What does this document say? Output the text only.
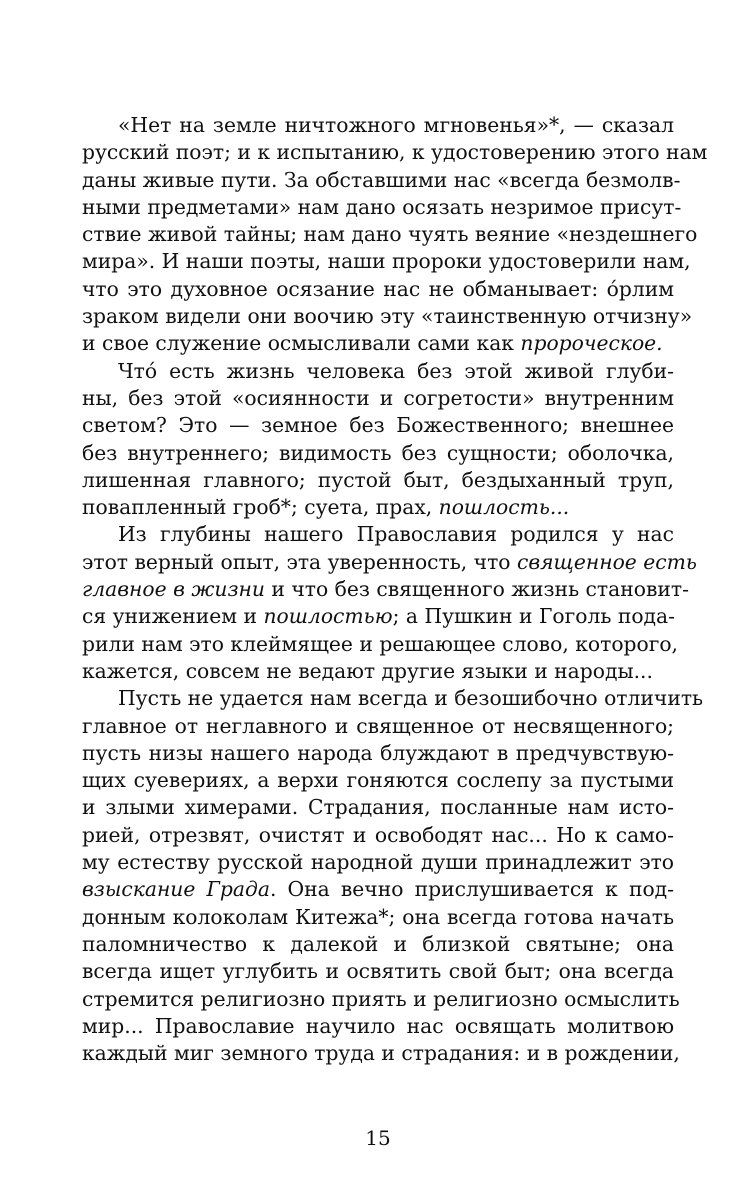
«Нет на земле ничтожного мгновенья»*, — сказал
русский поэт; и к испытанию, к удостоверению этого нам
даны живые пути. За обставшими нас «всегда безмолв-
ными предметами» нам дано осязать незримое присут-
ствие живой тайны; нам дано чуять веяние «нездешнего
мира». И наши поэты, наши пророки удостоверили нам,
что это духовное осязание нас не обманывает: о́рлим
зраком видели они воочию эту «таинственную отчизну»
и свое служение осмысливали сами как пророческое.
Что́ есть жизнь человека без этой живой глуби-
ны, без этой «осиянности и согретости» внутренним
светом? Это — земное без Божественного; внешнее
без внутреннего; видимость без сущности; оболочка,
лишенная главного; пустой быт, бездыханный труп,
повапленный гроб*; суета, прах, пошлость...
Из глубины нашего Православия родился у нас
этот верный опыт, эта уверенность, что священное есть
главное в жизни и что без священного жизнь становит-
ся унижением и пошлостью; а Пушкин и Гоголь пода-
рили нам это клеймящее и решающее слово, которого,
кажется, совсем не ведают другие языки и народы...
Пусть не удается нам всегда и безошибочно отличить
главное от неглавного и священное от несвященного;
пусть низы нашего народа блуждают в предчувствую-
щих суевериях, а верхи гоняются сослепу за пустыми
и злыми химерами. Страдания, посланные нам исто-
рией, отрезвят, очистят и освободят нас... Но к само-
му естеству русской народной души принадлежит это
взыскание Града. Она вечно прислушивается к под-
донным колоколам Китежа*; она всегда готова начать
паломничество к далекой и близкой святыне; она
всегда ищет углубить и освятить свой быт; она всегда
стремится религиозно приять и религиозно осмыслить
мир... Православие научило нас освящать молитвою
каждый миг земного труда и страдания: и в рождении,
15
